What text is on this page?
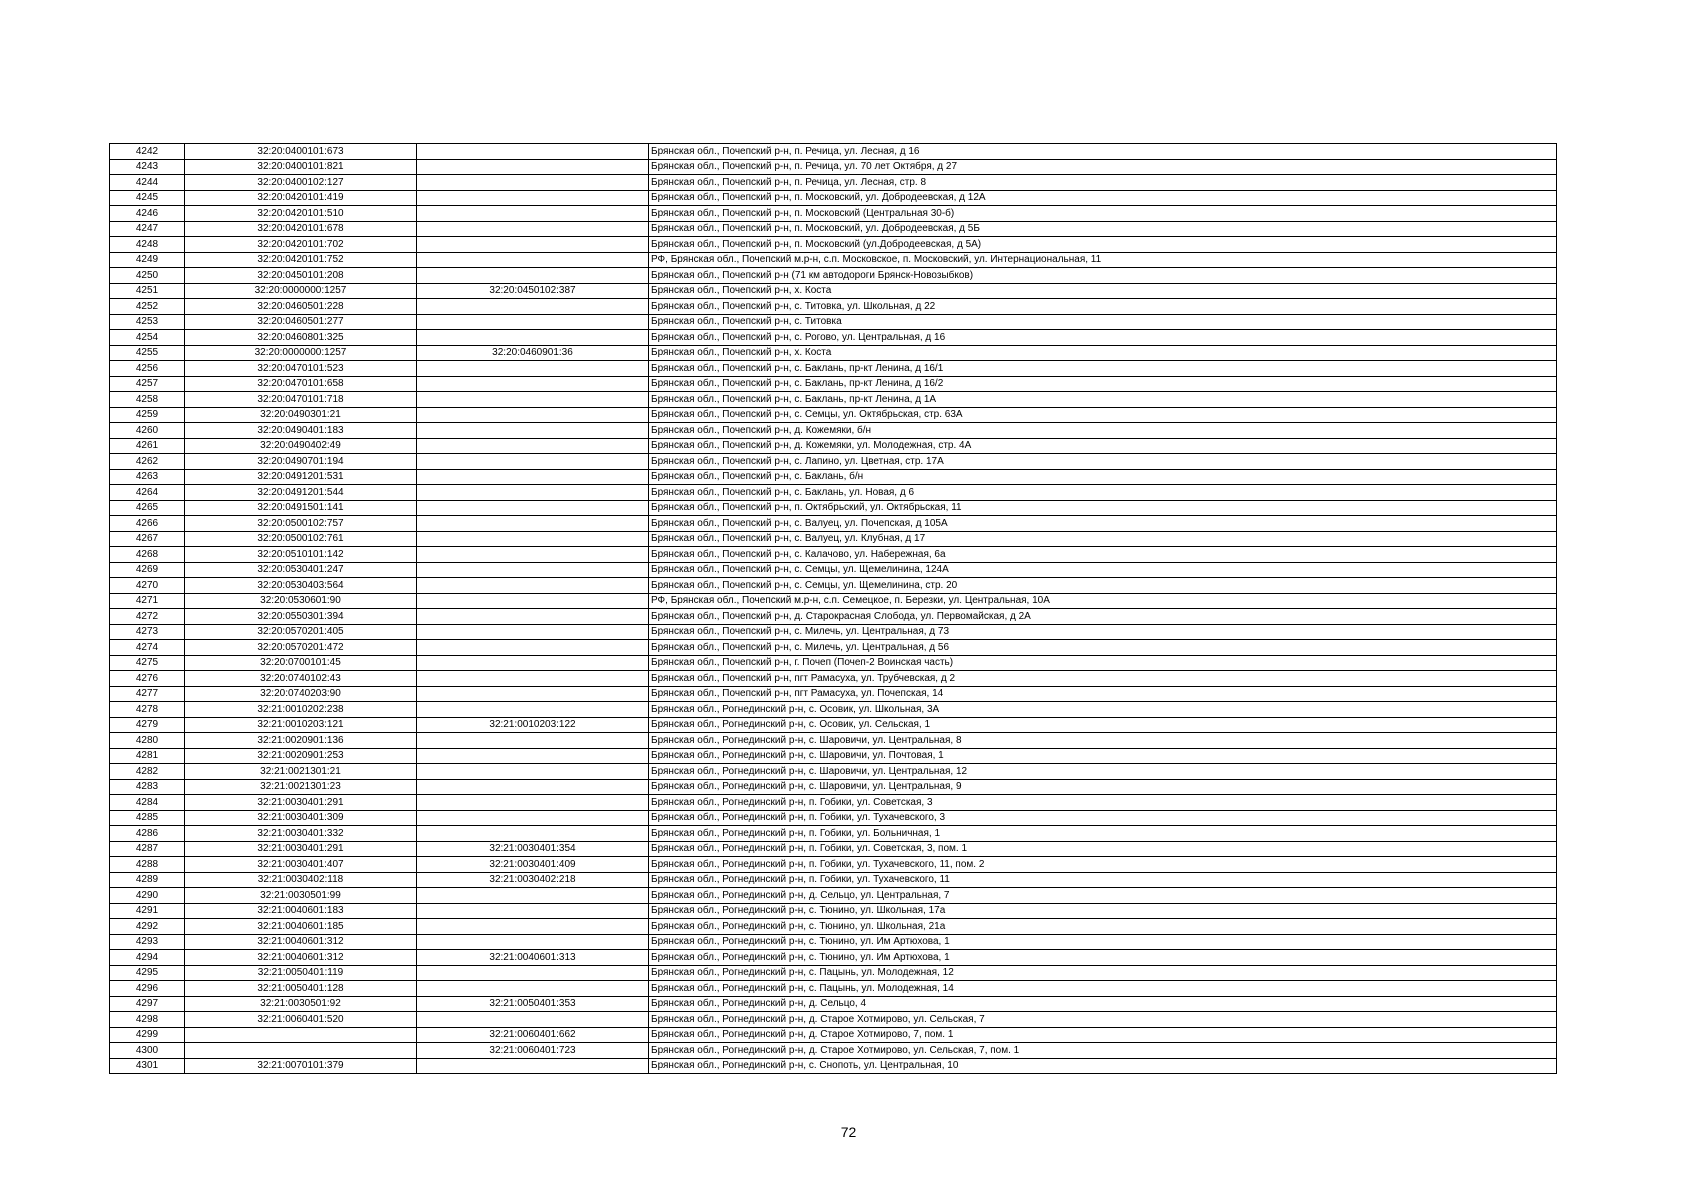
4242	32:20:0400101:673		Брянская обл., Почепский р-н, п. Речица, ул. Лесная, д 16
4243	32:20:0400101:821		Брянская обл., Почепский р-н, п. Речица, ул. 70 лет Октября, д 27
4244	32:20:0400102:127		Брянская обл., Почепский р-н, п. Речица, ул. Лесная, стр. 8
4245	32:20:0420101:419		Брянская обл., Почепский р-н, п. Московский, ул. Добродеевская, д 12А
4246	32:20:0420101:510		Брянская обл., Почепский р-н, п. Московский (Центральная 30-б)
4247	32:20:0420101:678		Брянская обл., Почепский р-н, п. Московский, ул. Добродеевская, д 5Б
4248	32:20:0420101:702		Брянская обл., Почепский р-н, п. Московский (ул.Добродеевская, д 5А)
4249	32:20:0420101:752		РФ, Брянская обл., Почепский м.р-н, с.п. Московское, п. Московский, ул. Интернациональная, 11
4250	32:20:0450101:208		Брянская обл., Почепский р-н (71 км автодороги Брянск-Новозыбков)
4251	32:20:0000000:1257	32:20:0450102:387	Брянская обл., Почепский р-н, х. Коста
4252	32:20:0460501:228		Брянская обл., Почепский р-н, с. Титовка, ул. Школьная, д 22
4253	32:20:0460501:277		Брянская обл., Почепский р-н, с. Титовка
4254	32:20:0460801:325		Брянская обл., Почепский р-н, с. Рогово, ул. Центральная, д 16
4255	32:20:0000000:1257	32:20:0460901:36	Брянская обл., Почепский р-н, х. Коста
4256	32:20:0470101:523		Брянская обл., Почепский р-н, с. Баклань, пр-кт Ленина, д 16/1
4257	32:20:0470101:658		Брянская обл., Почепский р-н, с. Баклань, пр-кт Ленина, д 16/2
4258	32:20:0470101:718		Брянская обл., Почепский р-н, с. Баклань, пр-кт Ленина, д 1А
4259	32:20:0490301:21		Брянская обл., Почепский р-н, с. Семцы, ул. Октябрьская, стр. 63А
4260	32:20:0490401:183		Брянская обл., Почепский р-н, д. Кожемяки, б/н
4261	32:20:0490402:49		Брянская обл., Почепский р-н, д. Кожемяки, ул. Молодежная, стр. 4А
4262	32:20:0490701:194		Брянская обл., Почепский р-н, с. Лапино, ул. Цветная, стр. 17А
4263	32:20:0491201:531		Брянская обл., Почепский р-н, с. Баклань, б/н
4264	32:20:0491201:544		Брянская обл., Почепский р-н, с. Баклань, ул. Новая, д 6
4265	32:20:0491501:141		Брянская обл., Почепский р-н, п. Октябрьский, ул. Октябрьская, 11
4266	32:20:0500102:757		Брянская обл., Почепский р-н, с. Валуец, ул. Почепская, д 105А
4267	32:20:0500102:761		Брянская обл., Почепский р-н, с. Валуец, ул. Клубная, д 17
4268	32:20:0510101:142		Брянская обл., Почепский р-н, с. Калачово, ул. Набережная, 6а
4269	32:20:0530401:247		Брянская обл., Почепский р-н, с. Семцы, ул. Щемелинина, 124А
4270	32:20:0530403:564		Брянская обл., Почепский р-н, с. Семцы, ул. Щемелинина, стр. 20
4271	32:20:0530601:90		РФ, Брянская обл., Почепский м.р-н, с.п. Семецкое, п. Березки, ул. Центральная, 10А
4272	32:20:0550301:394		Брянская обл., Почепский р-н, д. Старокрасная Слобода, ул. Первомайская, д 2А
4273	32:20:0570201:405		Брянская обл., Почепский р-н, с. Милечь, ул. Центральная, д 73
4274	32:20:0570201:472		Брянская обл., Почепский р-н, с. Милечь, ул. Центральная, д 56
4275	32:20:0700101:45		Брянская обл., Почепский р-н, г. Почеп (Почеп-2 Воинская часть)
4276	32:20:0740102:43		Брянская обл., Почепский р-н, пгт Рамасуха, ул. Трубчевская, д 2
4277	32:20:0740203:90		Брянская обл., Почепский р-н, пгт Рамасуха, ул. Почепская, 14
4278	32:21:0010202:238		Брянская обл., Рогнединский р-н, с. Осовик, ул. Школьная, 3А
4279	32:21:0010203:121	32:21:0010203:122	Брянская обл., Рогнединский р-н, с. Осовик, ул. Сельская, 1
4280	32:21:0020901:136		Брянская обл., Рогнединский р-н, с. Шаровичи, ул. Центральная, 8
4281	32:21:0020901:253		Брянская обл., Рогнединский р-н, с. Шаровичи, ул. Почтовая, 1
4282	32:21:0021301:21		Брянская обл., Рогнединский р-н, с. Шаровичи, ул. Центральная, 12
4283	32:21:0021301:23		Брянская обл., Рогнединский р-н, с. Шаровичи, ул. Центральная, 9
4284	32:21:0030401:291		Брянская обл., Рогнединский р-н, п. Гобики, ул. Советская, 3
4285	32:21:0030401:309		Брянская обл., Рогнединский р-н, п. Гобики, ул. Тухачевского, 3
4286	32:21:0030401:332		Брянская обл., Рогнединский р-н, п. Гобики, ул. Больничная, 1
4287	32:21:0030401:291	32:21:0030401:354	Брянская обл., Рогнединский р-н, п. Гобики, ул. Советская, 3, пом. 1
4288	32:21:0030401:407	32:21:0030401:409	Брянская обл., Рогнединский р-н, п. Гобики, ул. Тухачевского, 11, пом. 2
4289	32:21:0030402:118	32:21:0030402:218	Брянская обл., Рогнединский р-н, п. Гобики, ул. Тухачевского, 11
4290	32:21:0030501:99		Брянская обл., Рогнединский р-н, д. Сельцо, ул. Центральная, 7
4291	32:21:0040601:183		Брянская обл., Рогнединский р-н, с. Тюнино, ул. Школьная, 17а
4292	32:21:0040601:185		Брянская обл., Рогнединский р-н, с. Тюнино, ул. Школьная, 21а
4293	32:21:0040601:312		Брянская обл., Рогнединский р-н, с. Тюнино, ул. Им Артюхова, 1
4294	32:21:0040601:312	32:21:0040601:313	Брянская обл., Рогнединский р-н, с. Тюнино, ул. Им Артюхова, 1
4295	32:21:0050401:119		Брянская обл., Рогнединский р-н, с. Пацынь, ул. Молодежная, 12
4296	32:21:0050401:128		Брянская обл., Рогнединский р-н, с. Пацынь, ул. Молодежная, 14
4297	32:21:0030501:92	32:21:0050401:353	Брянская обл., Рогнединский р-н, д. Сельцо, 4
4298	32:21:0060401:520		Брянская обл., Рогнединский р-н, д. Старое Хотмирово, ул. Сельская, 7
4299		32:21:0060401:662	Брянская обл., Рогнединский р-н, д. Старое Хотмирово, 7, пом. 1
4300		32:21:0060401:723	Брянская обл., Рогнединский р-н, д. Старое Хотмирово, ул. Сельская, 7, пом. 1
4301	32:21:0070101:379		Брянская обл., Рогнединский р-н, с. Снопоть, ул. Центральная, 10
72
